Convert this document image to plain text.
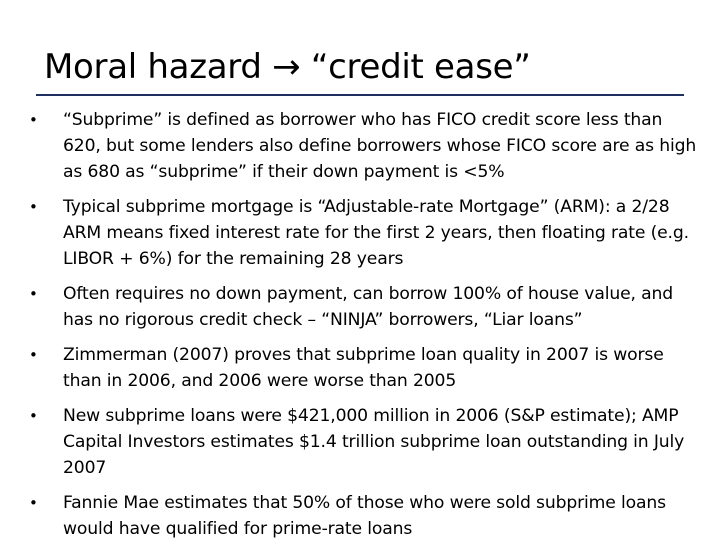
Moral hazard → “credit ease”
• “Subprime” is defined as borrower who has FICO credit score less than 620, but some lenders also define borrowers whose FICO score are as high as 680 as “subprime” if their down payment is <5%
• Typical subprime mortgage is “Adjustable-rate Mortgage” (ARM): a 2/28 ARM means fixed interest rate for the first 2 years, then floating rate (e.g. LIBOR + 6%) for the remaining 28 years
• Often requires no down payment, can borrow 100% of house value, and has no rigorous credit check – “NINJA” borrowers, “Liar loans”
• Zimmerman (2007) proves that subprime loan quality in 2007 is worse than in 2006, and 2006 were worse than 2005
• New subprime loans were $421,000 million in 2006 (S&P estimate); AMP Capital Investors estimates $1.4 trillion subprime loan outstanding in July 2007
• Fannie Mae estimates that 50% of those who were sold subprime loans would have qualified for prime-rate loans
